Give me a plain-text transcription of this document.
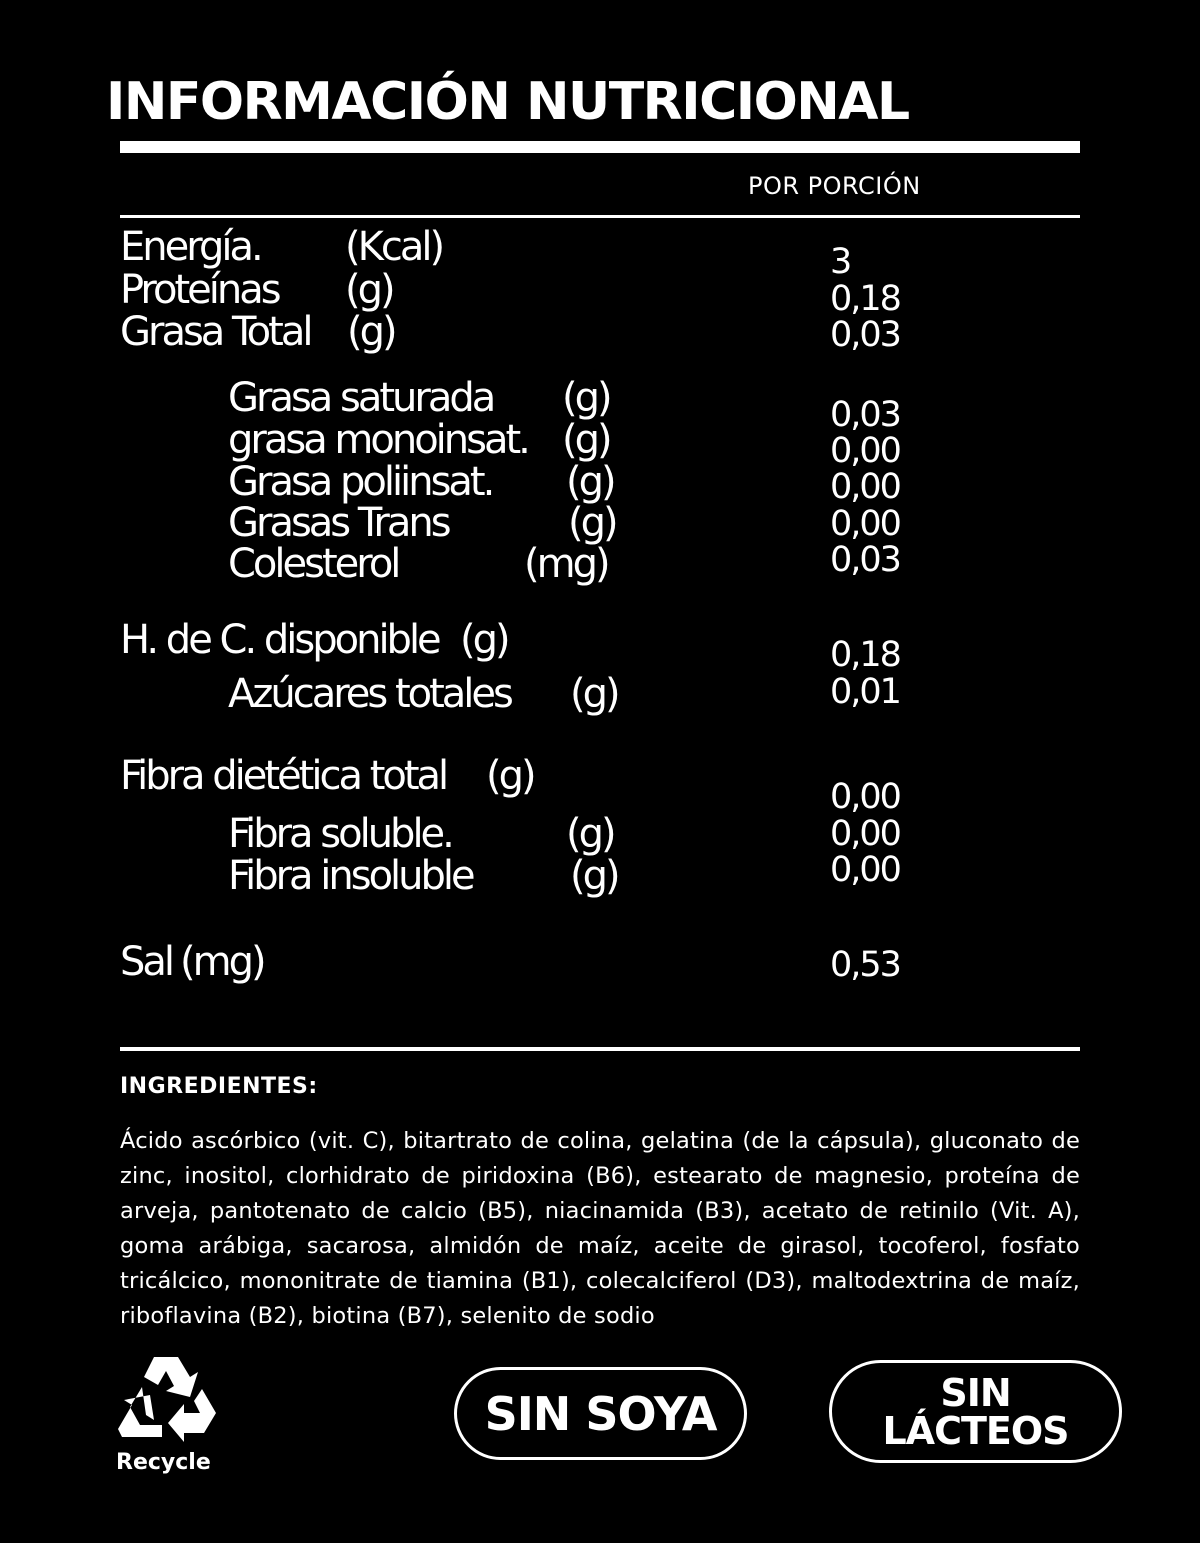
INFORMACIÓN NUTRICIONAL
POR PORCIÓN
Energía. (Kcal)	3
Proteínas (g)	0,18
Grasa Total (g)	0,03
Grasa saturada (g)	0,03
grasa monoinsat. (g)	0,00
Grasa poliinsat. (g)	0,00
Grasas Trans	(g)	0,00
Colesterol	(mg)	0,03
H. de C. disponible (g)	0,18
Azúcares totales (g)	0,01
Fibra dietética total (g)	0,00
Fibra soluble.	(g)	0,00
Fibra insoluble (g)	0,00
Sal (mg)	0,53
INGREDIENTES:
Ácido ascórbico (vit. C), bitartrato de colina, gelatina (de la cápsula), gluconato de zinc, inositol, clorhidrato de piridoxina (B6), estearato de magnesio, proteína de arveja, pantotenato de calcio (B5), niacinamida (B3), acetato de retinilo (Vit. A), goma arábiga, sacarosa, almidón de maíz, aceite de girasol, tocoferol, fosfato tricálcico, mononitrate de tiamina (B1), colecalciferol (D3), maltodextrina de maíz, riboflavina (B2), biotina (B7), selenito de sodio
Recycle
SIN SOYA	SIN
LÁCTEOS
